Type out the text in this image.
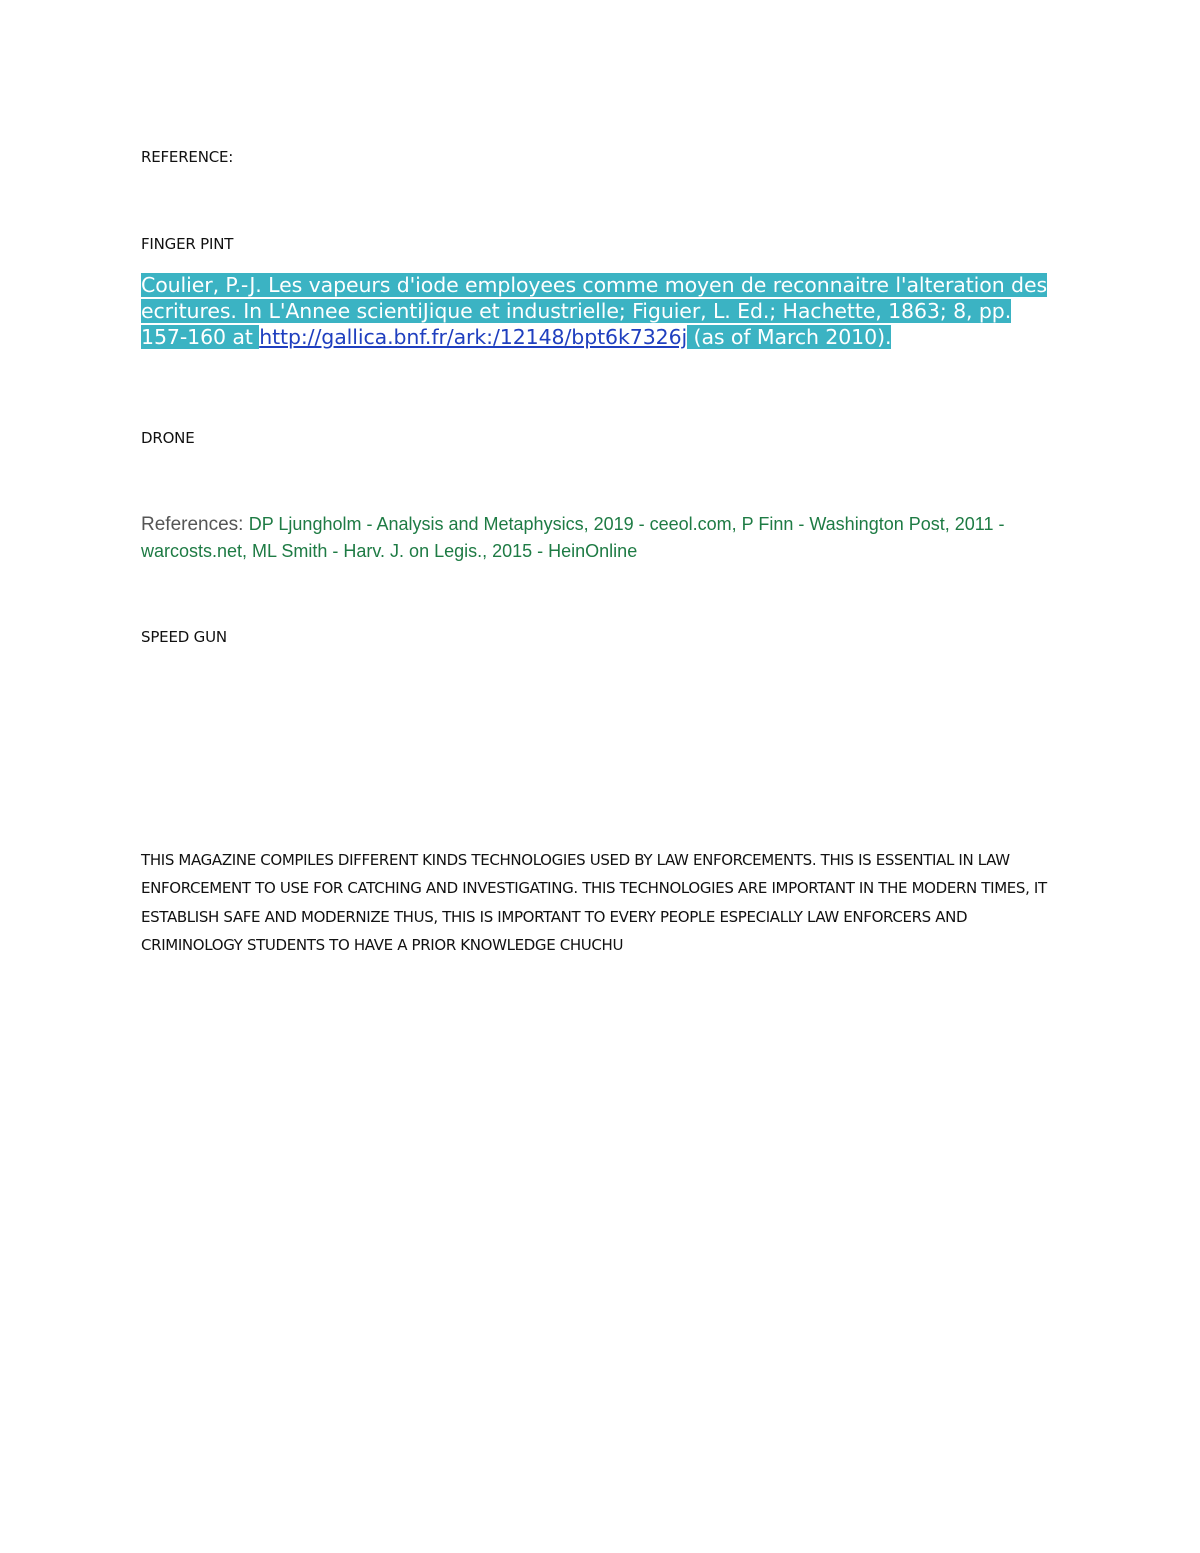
REFERENCE:
FINGER PINT
Coulier, P.-J. Les vapeurs d'iode employees comme moyen de reconnaitre l'alteration des ecritures. In L'Annee scientiJique et industrielle; Figuier, L. Ed.; Hachette, 1863; 8, pp. 157-160 at http://gallica.bnf.fr/ark:/12148/bpt6k7326j (as of March 2010).
DRONE
References: DP Ljungholm - Analysis and Metaphysics, 2019 - ceeol.com, P Finn - Washington Post, 2011 - warcosts.net, ML Smith - Harv. J. on Legis., 2015 - HeinOnline
SPEED GUN
THIS MAGAZINE COMPILES DIFFERENT KINDS TECHNOLOGIES USED BY LAW ENFORCEMENTS. THIS IS ESSENTIAL IN LAW ENFORCEMENT TO USE FOR CATCHING AND INVESTIGATING. THIS TECHNOLOGIES ARE IMPORTANT IN THE MODERN TIMES, IT ESTABLISH SAFE AND MODERNIZE THUS, THIS IS IMPORTANT TO EVERY PEOPLE ESPECIALLY LAW ENFORCERS AND CRIMINOLOGY STUDENTS TO HAVE A PRIOR KNOWLEDGE CHUCHU
